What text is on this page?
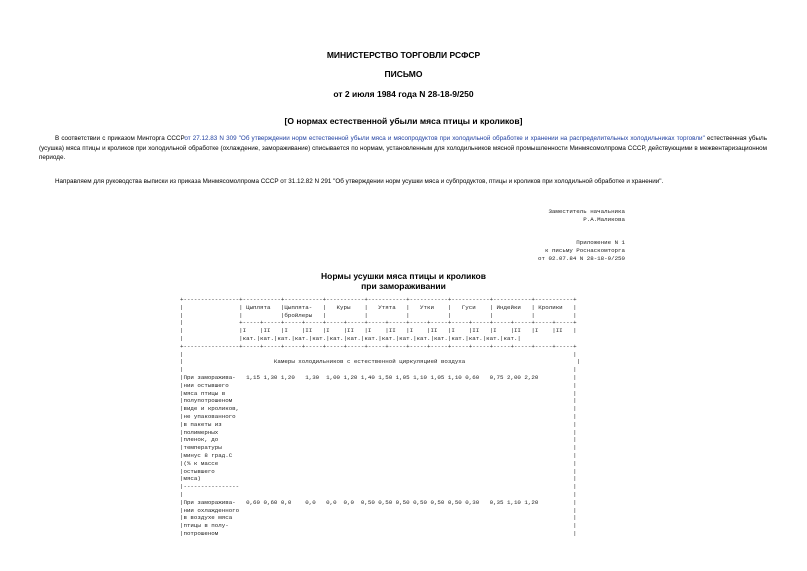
МИНИСТЕРСТВО ТОРГОВЛИ РСФСР
ПИСЬМО
от 2 июля 1984 года N 28-18-9/250
[О нормах естественной убыли мяса птицы и кроликов]
В соответствии с приказом Минторга СССРот 27.12.83 N 309 "Об утверждении норм естественной убыли мяса и мясопродуктов при холодильной обработке и хранении на распределительных холодильниках торговли" естественная убыль (усушка) мяса птицы и кроликов при холодильной обработке (охлаждение, замораживание) списывается по нормам, установленным для холодильников мясной промышленности Минмясомолпрома СССР, действующими в межвентаризационном периоде.
Направляем для руководства выписки из приказа Минмясомолпрома СССР от 31.12.82 N 291 "Об утверждении норм усушки мяса и субпродуктов, птицы и кроликов при холодильной обработке и хранении".
Заместитель начальника
Р.А.Маликова
Приложение N 1
к письму Роснаскомторга
от 02.07.84 N 28-18-9/250
Нормы усушки мяса птицы и кроликов
при замораживании
+----------------+-----------+-----------+-----------+-----------+-----------+-----------+-----------+-----------+
|                | Цыплята   |Цыплята-   |   Куры    |   Утята   |   Утки    |   Гуси    | Индейки   | Кролики   |
|                |           |бройлеры   |           |           |           |           |           |           |
|                +-----+-----+-----+-----+-----+-----+-----+-----+-----+-----+-----+-----+-----+-----+-----+-----+
|                |I    |II   |I    |II   |I    |II   |I    |II   |I    |II   |I    |II   |I    |II   |I    |II   |
|                |кат.|кат.|кат.|кат.|кат.|кат.|кат.|кат.|кат.|кат.|кат.|кат.|кат.|кат.|кат.|кат.|
+----------------+-----+-----+-----+-----+-----+-----+-----+-----+-----+-----+-----+-----+-----+-----+-----+-----+
|                                                                                                                |
|                          Камеры холодильников с естественной циркуляцией воздуха                                |
|                                                                                                                |
|При заморажива-   1,15 1,30 1,20   1,30  1,00 1,20 1,40 1,50 1,05 1,10 1,05 1,10 0,60   0,75 2,00 2,20          |
|нии остывшего                                                                                                   |
|мяса птицы в                                                                                                    |
|полупотрошеном                                                                                                  |
|виде и кроликов,                                                                                                |
|не упакованного                                                                                                 |
|в пакеты из                                                                                                     |
|полимерных                                                                                                      |
|пленок, до                                                                                                      |
|температуры                                                                                                     |
|минус 8 град.С                                                                                                  |
|(% к массе                                                                                                      |
|остывшего                                                                                                       |
|мяса)                                                                                                           |
|----------------                                                                                                |
|                                                                                                                |
|При заморажива-   0,60 0,60 0,0    0,0   0,0  0,0  0,50 0,50 0,50 0,50 0,50 0,50 0,30   0,35 1,10 1,20          |
|нии охлажденного                                                                                                |
|в воздухе мяса                                                                                                  |
|птицы в полу-                                                                                                   |
|потрошеном                                                                                                      |
